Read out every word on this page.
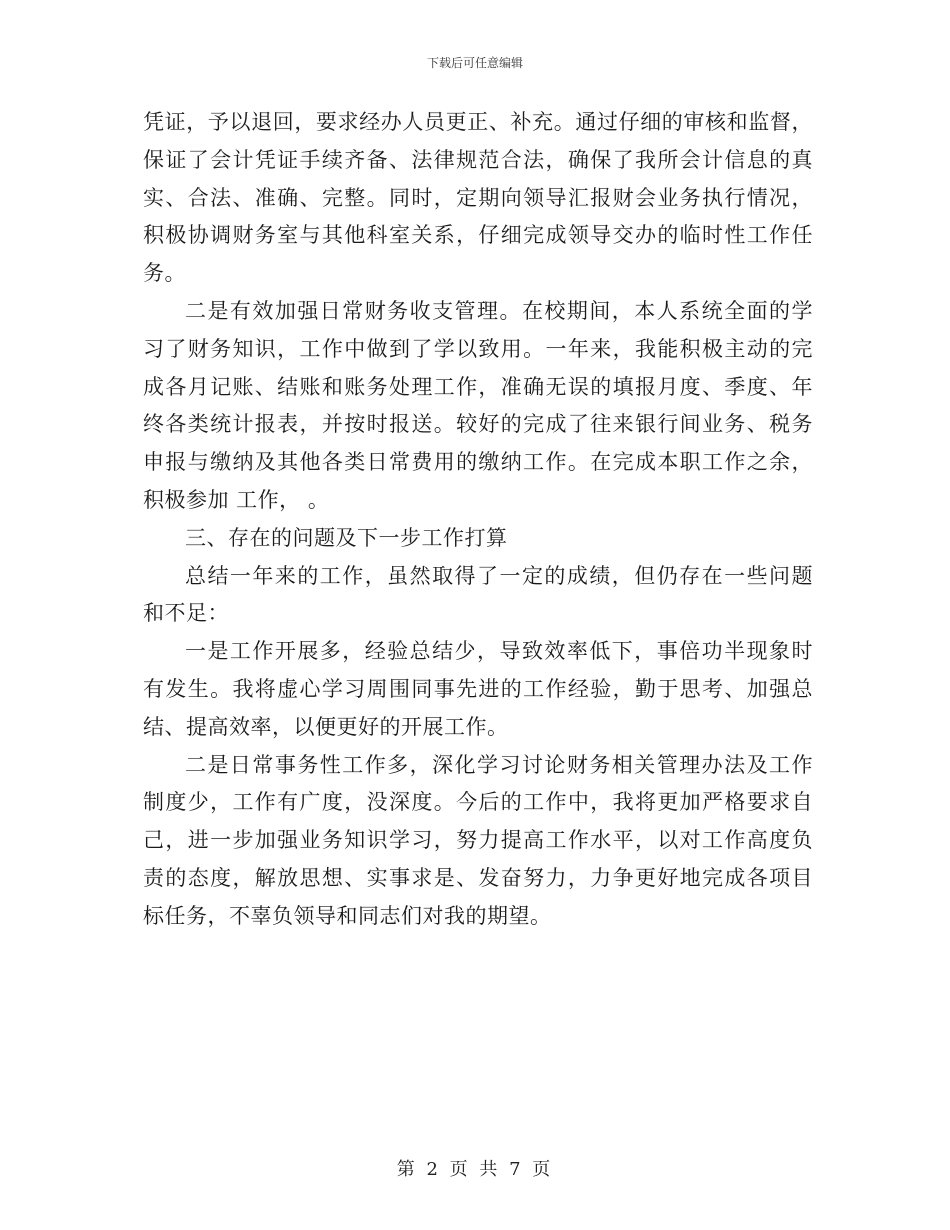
下载后可任意编辑
凭证，予以退回，要求经办人员更正、补充。通过仔细的审核和监督，
保证了会计凭证手续齐备、法律规范合法，确保了我所会计信息的真
实、合法、准确、完整。同时，定期向领导汇报财会业务执行情况，
积极协调财务室与其他科室关系，仔细完成领导交办的临时性工作任
务。
二是有效加强日常财务收支管理。在校期间，本人系统全面的学
习了财务知识，工作中做到了学以致用。一年来，我能积极主动的完
成各月记账、结账和账务处理工作，准确无误的填报月度、季度、年
终各类统计报表，并按时报送。较好的完成了往来银行间业务、税务
申报与缴纳及其他各类日常费用的缴纳工作。在完成本职工作之余，
积极参加 工作， 。
三、存在的问题及下一步工作打算
总结一年来的工作，虽然取得了一定的成绩，但仍存在一些问题
和不足：
一是工作开展多，经验总结少，导致效率低下，事倍功半现象时
有发生。我将虚心学习周围同事先进的工作经验，勤于思考、加强总
结、提高效率，以便更好的开展工作。
二是日常事务性工作多，深化学习讨论财务相关管理办法及工作
制度少，工作有广度，没深度。今后的工作中，我将更加严格要求自
己，进一步加强业务知识学习，努力提高工作水平，以对工作高度负
责的态度，解放思想、实事求是、发奋努力，力争更好地完成各项目
标任务，不辜负领导和同志们对我的期望。
第 2 页 共 7 页
